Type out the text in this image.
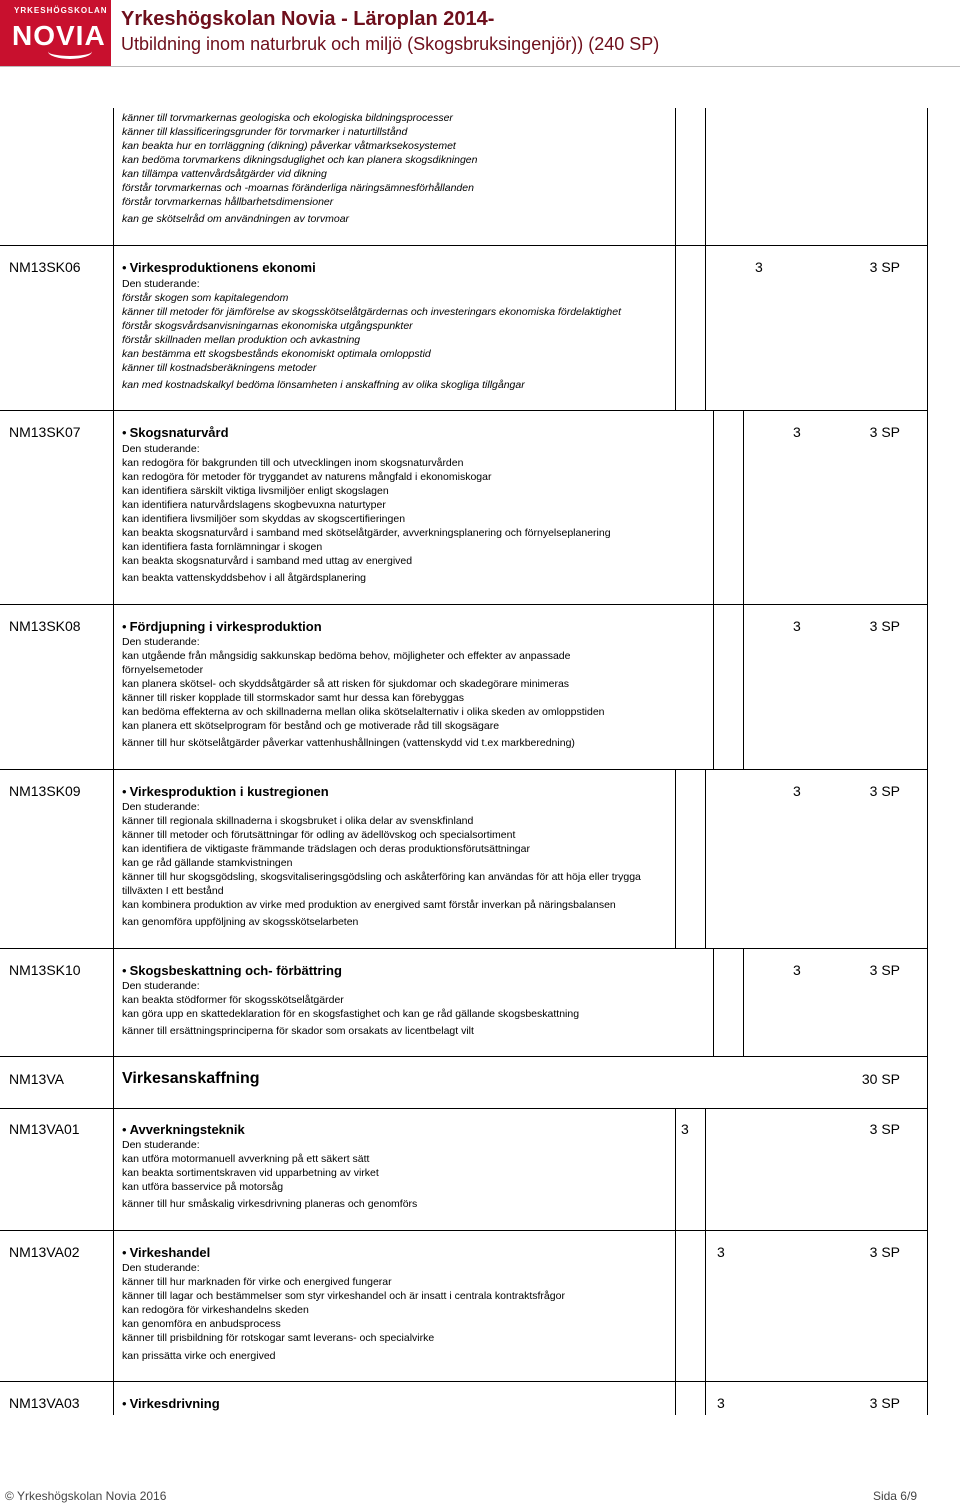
YRKESHÖGSKOLAN
NOVIA
Yrkeshögskolan Novia - Läroplan 2014-
Utbildning inom naturbruk och miljö (Skogsbruksingenjör)) (240 SP)
känner till torvmarkernas geologiska och ekologiska bildningsprocesser
känner till klassificeringsgrunder för torvmarker i naturtillstånd
kan beakta hur en torrläggning (dikning) påverkar våtmarksekosystemet
kan bedöma torvmarkens dikningsduglighet och kan planera skogsdikningen
kan tillämpa vattenvårdsåtgärder vid dikning
förstår torvmarkernas och -moarnas föränderliga näringsämnesförhållanden
förstår torvmarkernas hållbarhetsdimensioner
kan ge skötselråd om användningen av torvmoar
NM13SK06	• Virkesproduktionens ekonomi	3	3 SP
Den studerande:
förstår skogen som kapitalegendom
känner till metoder för jämförelse av skogsskötselåtgärdernas och investeringars ekonomiska fördelaktighet
förstår skogsvårdsanvisningarnas ekonomiska utgångspunkter
förstår skillnaden mellan produktion och avkastning
kan bestämma ett skogsbestånds ekonomiskt optimala omloppstid
känner till kostnadsberäkningens metoder
kan med kostnadskalkyl bedöma lönsamheten i anskaffning av olika skogliga tillgångar
NM13SK07	• Skogsnaturvård	3	3 SP
Den studerande:
kan redogöra för bakgrunden till och utvecklingen inom skogsnaturvården
kan redogöra för metoder för tryggandet av naturens mångfald i ekonomiskogar
kan identifiera särskilt viktiga livsmiljöer enligt skogslagen
kan identifiera naturvårdslagens skogbevuxna naturtyper
kan identifiera livsmiljöer som skyddas av skogscertifieringen
kan beakta skogsnaturvård i samband med skötselåtgärder, avverkningsplanering och förnyelseplanering
kan identifiera fasta fornlämningar i skogen
kan beakta skogsnaturvård i samband med uttag av energived
kan beakta vattenskyddsbehov i all åtgärdsplanering
NM13SK08	• Fördjupning i virkesproduktion	3	3 SP
Den studerande:
kan utgående från mångsidig sakkunskap bedöma behov, möjligheter och effekter av anpassade
förnyelsemetoder
kan planera skötsel- och skyddsåtgärder så att risken för sjukdomar och skadegörare minimeras
känner till risker kopplade till stormskador samt hur dessa kan förebyggas
kan bedöma effekterna av och skillnaderna mellan olika skötselalternativ i olika skeden av omloppstiden
kan planera ett skötselprogram för bestånd och ge motiverade råd till skogsägare
känner till hur skötselåtgärder påverkar vattenhushållningen (vattenskydd vid t.ex markberedning)
NM13SK09	• Virkesproduktion i kustregionen	3	3 SP
Den studerande:
känner till regionala skillnaderna i skogsbruket i olika delar av svenskfinland
känner till metoder och förutsättningar för odling av ädellövskog och specialsortiment
kan identifiera de viktigaste främmande trädslagen och deras produktionsförutsättningar
kan ge råd gällande stamkvistningen
känner till hur skogsgödsling, skogsvitaliseringsgödsling och askåterföring kan användas för att höja eller trygga
tillväxten I ett bestånd
kan kombinera produktion av virke med produktion av energived samt förstår inverkan på näringsbalansen
kan genomföra uppföljning av skogsskötselarbeten
NM13SK10	• Skogsbeskattning och- förbättring	3	3 SP
Den studerande:
kan beakta stödformer för skogsskötselåtgärder
kan göra upp en skattedeklaration för en skogsfastighet och kan ge råd gällande skogsbeskattning
känner till ersättningsprinciperna för skador som orsakats av licentbelagt vilt
NM13VA	Virkesanskaffning	30 SP
NM13VA01	• Avverkningsteknik	3	3 SP
Den studerande:
kan utföra motormanuell avverkning på ett säkert sätt
kan beakta sortimentskraven vid upparbetning av virket
kan utföra basservice på motorsåg
känner till hur småskalig virkesdrivning planeras och genomförs
NM13VA02	• Virkeshandel	3	3 SP
Den studerande:
känner till hur marknaden för virke och energived fungerar
känner till lagar och bestämmelser som styr virkeshandel och är insatt i centrala kontraktsfrågor
kan redogöra för virkeshandelns skeden
kan genomföra en anbudsprocess
känner till prisbildning för rotskogar samt leverans- och specialvirke
kan prissätta virke och energived
NM13VA03	• Virkesdrivning	3	3 SP
© Yrkeshögskolan Novia 2016	Sida 6/9
